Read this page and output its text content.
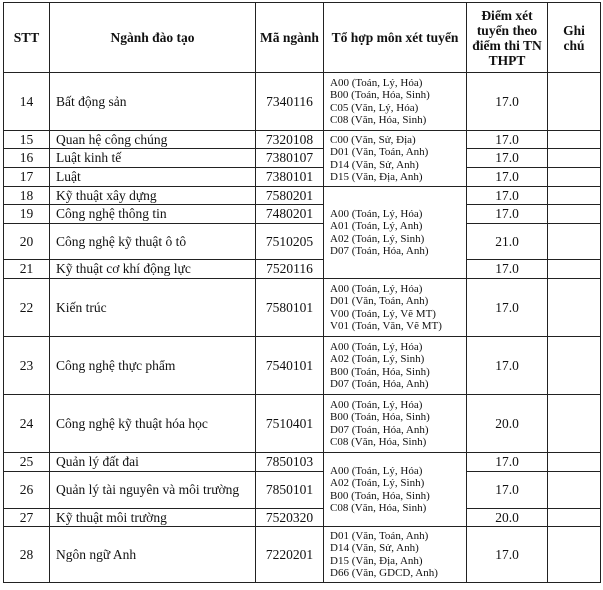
STT	Ngành đào tạo	Mã ngành	Tổ hợp môn xét tuyển	Điểm xét tuyển theo điểm thi TN THPT	Ghi chú
14	Bất động sản	7340116	A00 (Toán, Lý, Hóa)
B00 (Toán, Hóa, Sinh)
C05 (Văn, Lý, Hóa)
C08 (Văn, Hóa, Sinh)	17.0	
15	Quan hệ công chúng	7320108	C00 (Văn, Sử, Địa)
D01 (Văn, Toán, Anh)
D14 (Văn, Sử, Anh)
D15 (Văn, Địa, Anh)	17.0	
16	Luật kinh tế	7380107		17.0	
17	Luật	7380101		17.0	
18	Kỹ thuật xây dựng	7580201	A00 (Toán, Lý, Hóa)
A01 (Toán, Lý, Anh)
A02 (Toán, Lý, Sinh)
D07 (Toán, Hóa, Anh)	17.0	
19	Công nghệ thông tin	7480201		17.0	
20	Công nghệ kỹ thuật ô tô	7510205		21.0	
21	Kỹ thuật cơ khí động lực	7520116		17.0	
22	Kiến trúc	7580101	A00 (Toán, Lý, Hóa)
D01 (Văn, Toán, Anh)
V00 (Toán, Lý, Vẽ MT)
V01 (Toán, Văn, Vẽ MT)	17.0	
23	Công nghệ thực phẩm	7540101	A00 (Toán, Lý, Hóa)
A02 (Toán, Lý, Sinh)
B00 (Toán, Hóa, Sinh)
D07 (Toán, Hóa, Anh)	17.0	
24	Công nghệ kỹ thuật hóa học	7510401	A00 (Toán, Lý, Hóa)
B00 (Toán, Hóa, Sinh)
D07 (Toán, Hóa, Anh)
C08 (Văn, Hóa, Sinh)	20.0	
25	Quản lý đất đai	7850103	A00 (Toán, Lý, Hóa)
A02 (Toán, Lý, Sinh)
B00 (Toán, Hóa, Sinh)
C08 (Văn, Hóa, Sinh)	17.0	
26	Quản lý tài nguyên và môi trường	7850101		17.0	
27	Kỹ thuật môi trường	7520320		20.0	
28	Ngôn ngữ Anh	7220201	D01 (Văn, Toán, Anh)
D14 (Văn, Sử, Anh)
D15 (Văn, Địa, Anh)
D66 (Văn, GDCD, Anh)	17.0	
